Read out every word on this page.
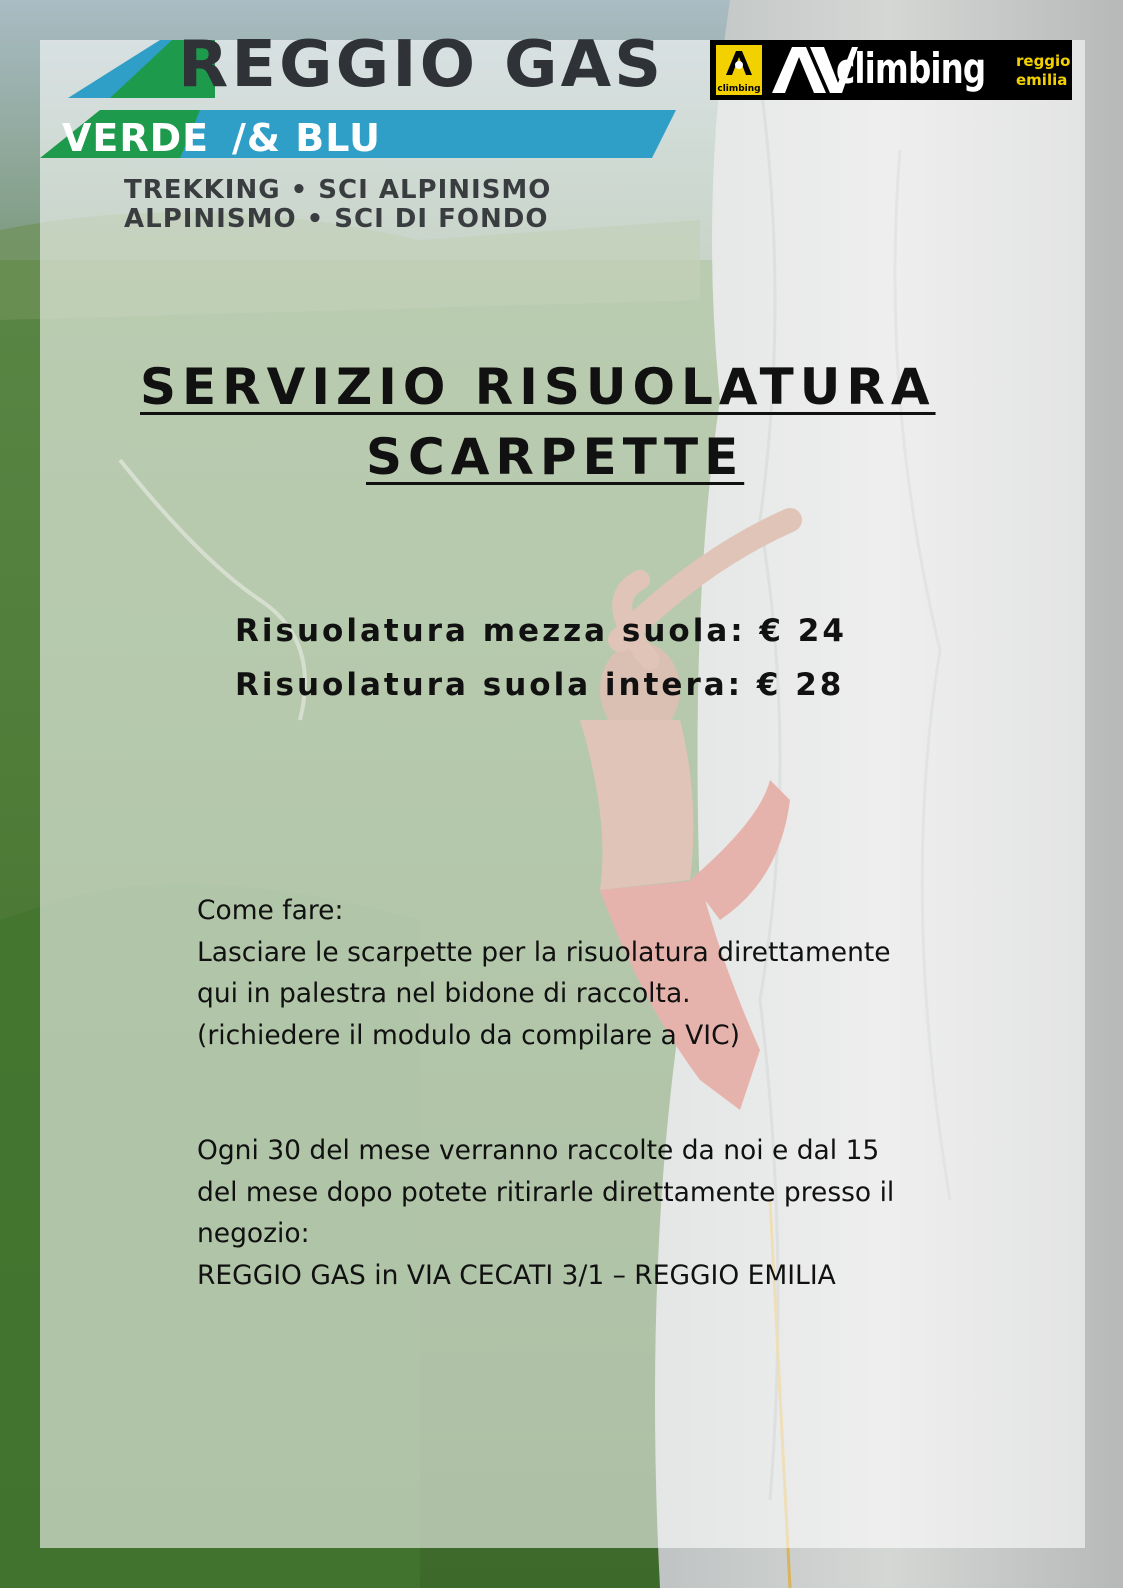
REGGIO GAS
VERDE /& BLU
TREKKING • SCI ALPINISMO
ALPINISMO • SCI DI FONDO
climbing climbing reggio
emilia
SERVIZIO RISUOLATURA
SCARPETTE
Risuolatura mezza suola: € 24
Risuolatura suola intera: € 28
Come fare:
Lasciare le scarpette per la risuolatura direttamente
qui in palestra nel bidone di raccolta.
(richiedere il modulo da compilare a VIC)
Ogni 30 del mese verranno raccolte da noi e dal 15
del mese dopo potete ritirarle direttamente presso il
negozio:
REGGIO GAS in VIA CECATI 3/1 – REGGIO EMILIA
